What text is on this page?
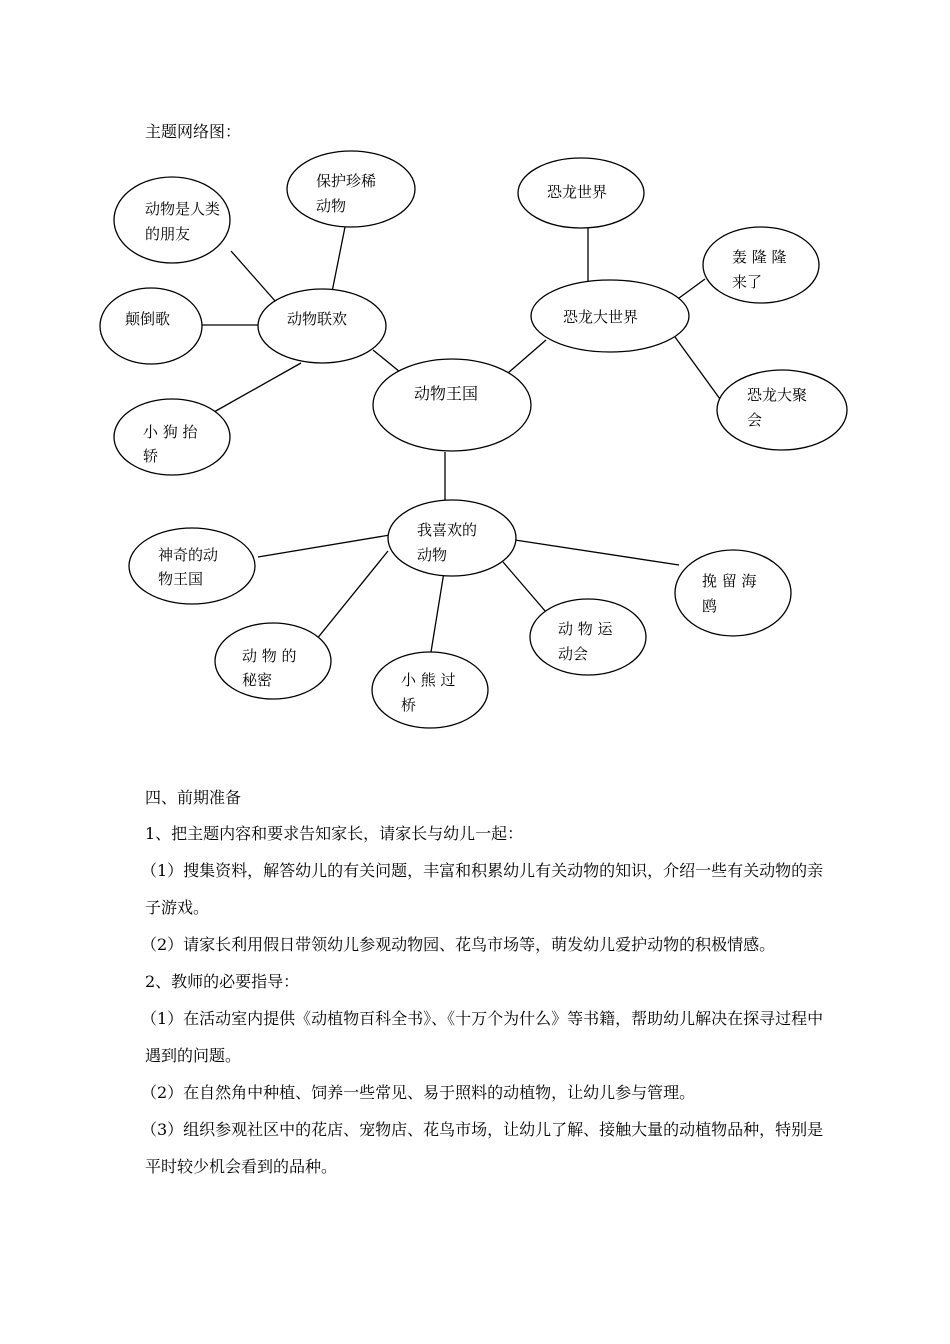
主题网络图：
动物王国
动物联欢
动物是人类
的朋友
保护珍稀
动物
颠倒歌
小 狗 抬
轿
恐龙大世界
恐龙世界
轰 隆 隆
来了
恐龙大聚
会
我喜欢的
动物
神奇的动
物王国
动 物 的
秘密	小 熊 过
桥
动 物 运
动会
挽 留 海
鸥

四、前期准备

1、把主题内容和要求告知家长，请家长与幼儿一起：

（1）搜集资料，解答幼儿的有关问题，丰富和积累幼儿有关动物的知识，介绍一些有关动物的亲子游戏。

（2）请家长利用假日带领幼儿参观动物园、花鸟市场等，萌发幼儿爱护动物的积极情感。

2、教师的必要指导：

（1）在活动室内提供《动植物百科全书》、《十万个为什么》等书籍，帮助幼儿解决在探寻过程中遇到的问题。

（2）在自然角中种植、饲养一些常见、易于照料的动植物，让幼儿参与管理。

（3）组织参观社区中的花店、宠物店、花鸟市场，让幼儿了解、接触大量的动植物品种，特别是平时较少机会看到的品种。
